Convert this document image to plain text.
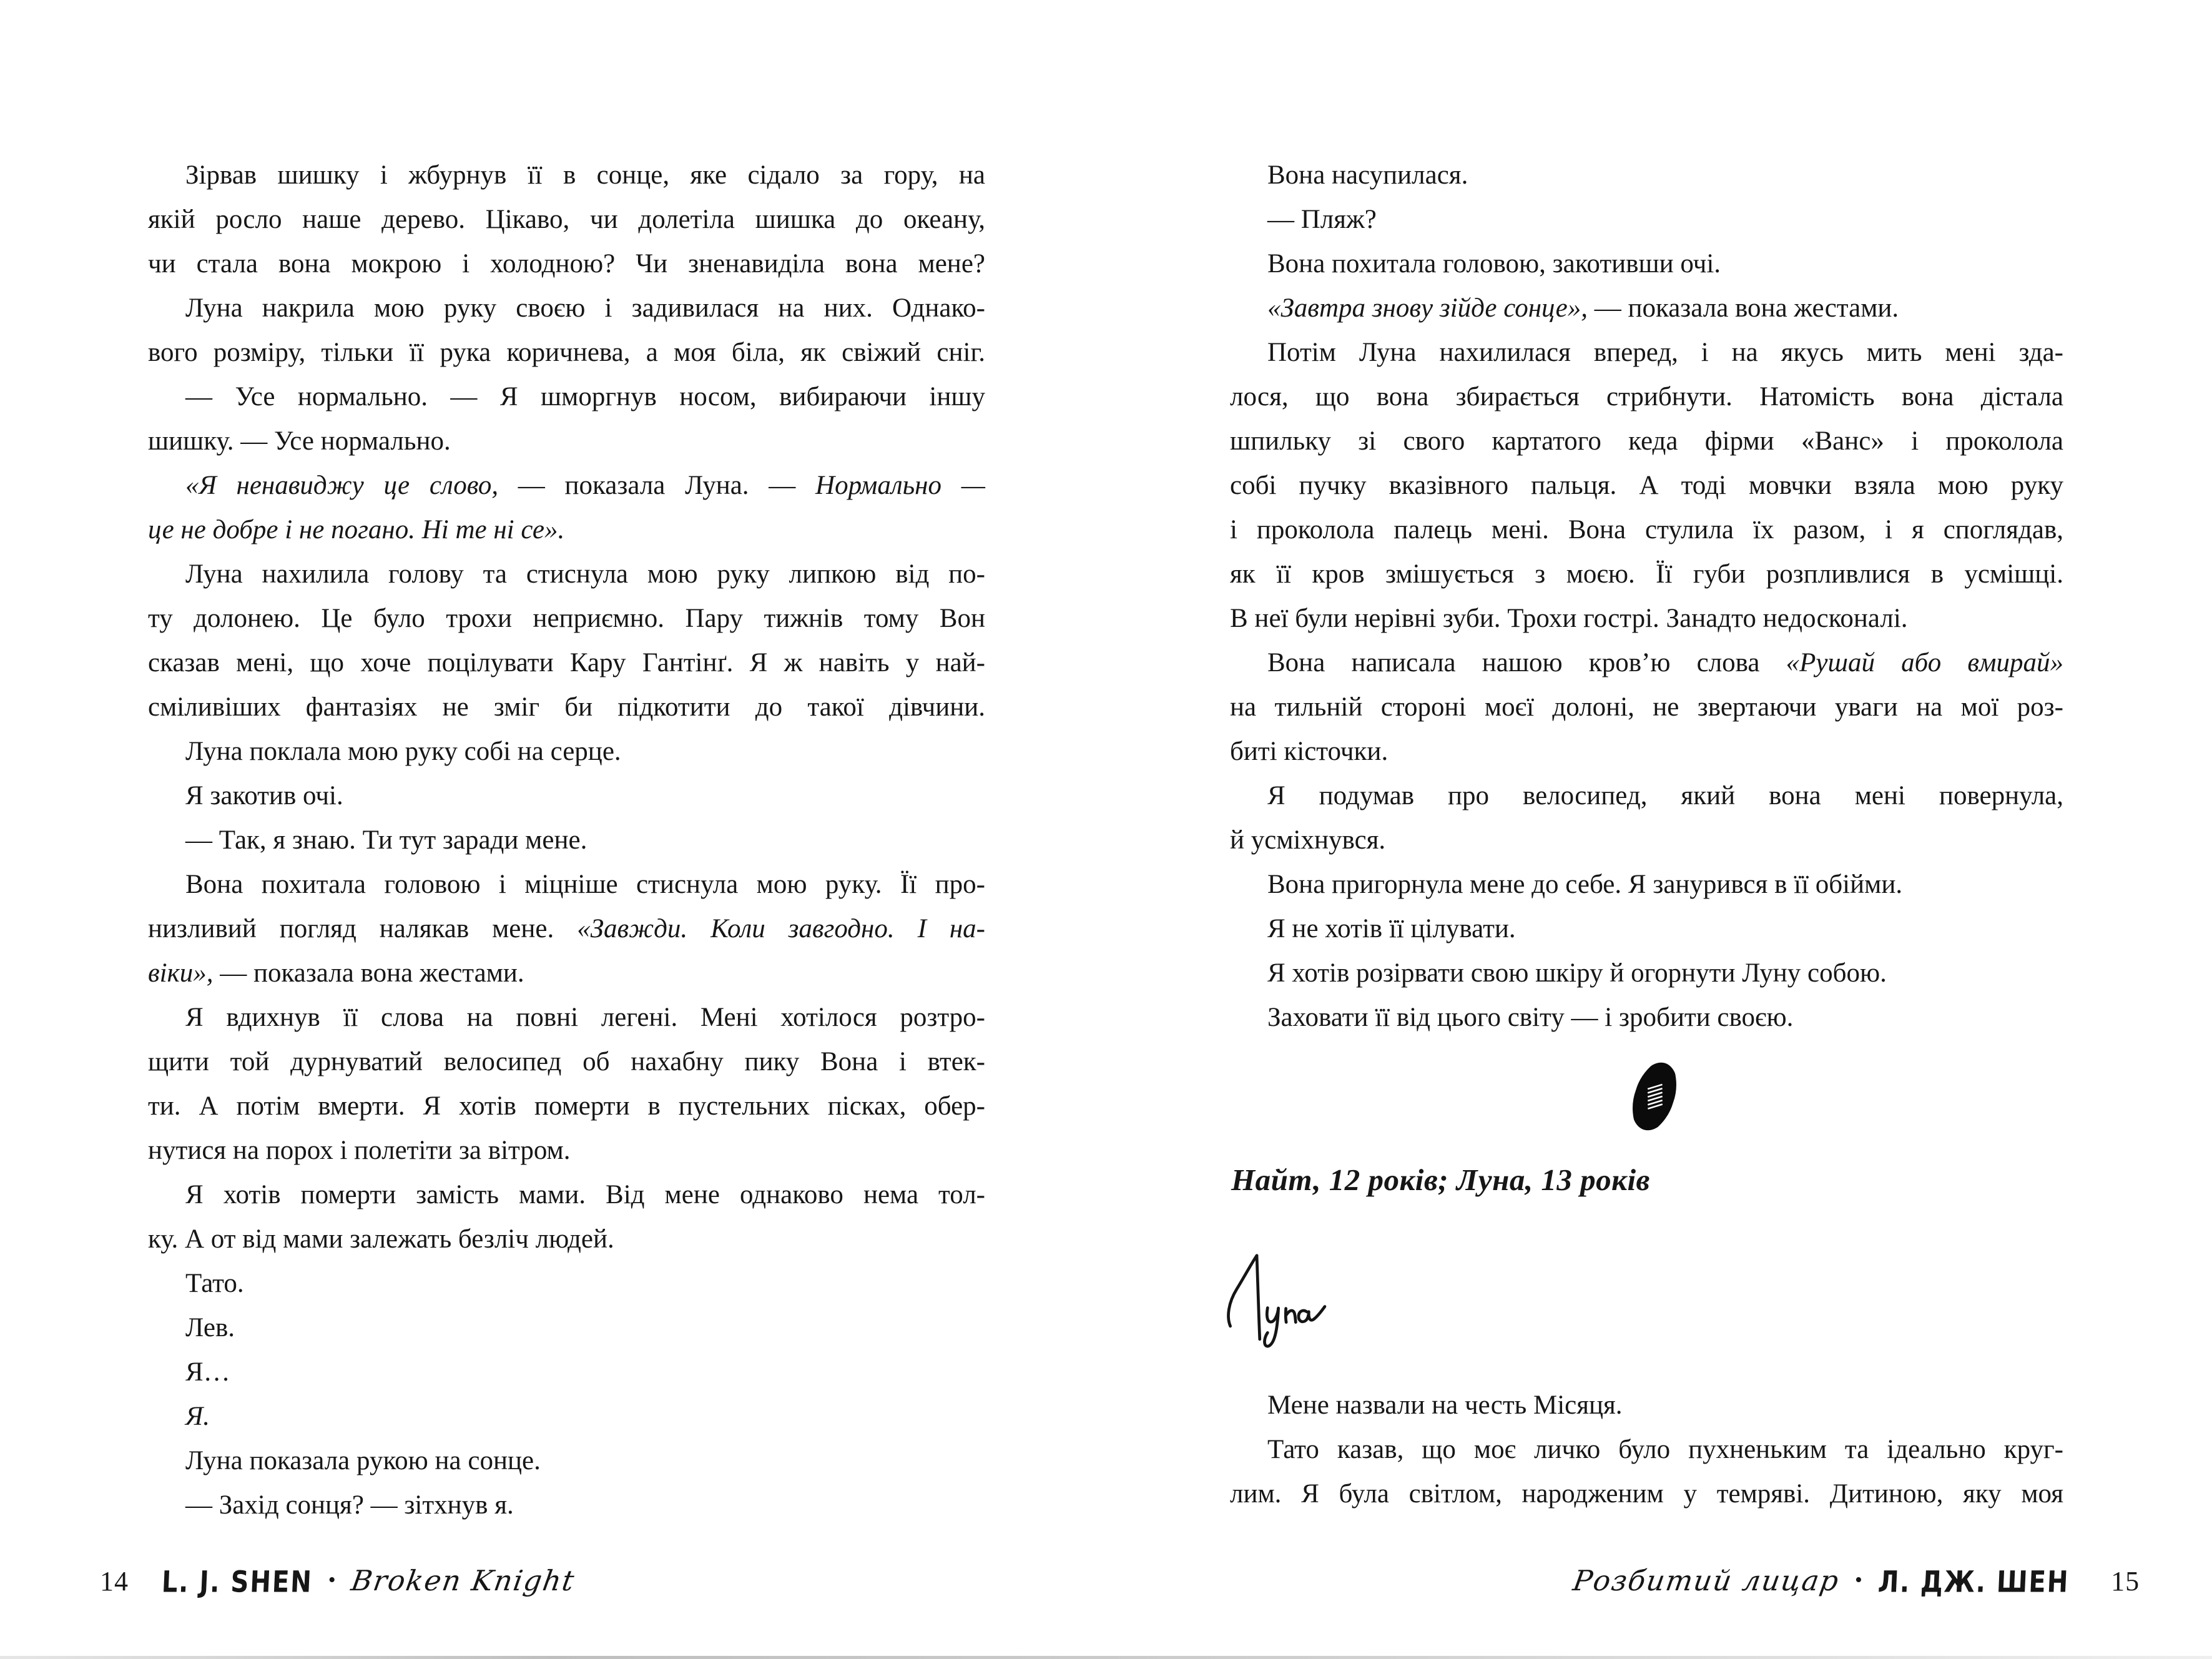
Зірвав шишку і жбурнув її в сонце, яке сідало за гору, на
якій росло наше дерево. Цікаво, чи долетіла шишка до океану,
чи стала вона мокрою і холодною? Чи зненавиділа вона мене?
Луна накрила мою руку своєю і задивилася на них. Однако-
вого розміру, тільки її рука коричнева, а моя біла, як свіжий сніг.
— Усе нормально. — Я шморгнув носом, вибираючи іншу
шишку. — Усе нормально.
«Я ненавиджу це слово, — показала Луна. — Нормально —
це не добре і не погано. Ні те ні се».
Луна нахилила голову та стиснула мою руку липкою від по-
ту долонею. Це було трохи неприємно. Пару тижнів тому Вон
сказав мені, що хоче поцілувати Кару Гантінґ. Я ж навіть у най-
сміливіших фантазіях не зміг би підкотити до такої дівчини.
Луна поклала мою руку собі на серце.
Я закотив очі.
— Так, я знаю. Ти тут заради мене.
Вона похитала головою і міцніше стиснула мою руку. Її про-
низливий погляд налякав мене. «Завжди. Коли завгодно. І на-
віки», — показала вона жестами.
Я вдихнув її слова на повні легені. Мені хотілося розтро-
щити той дурнуватий велосипед об нахабну пику Вона і втек-
ти. А потім вмерти. Я хотів померти в пустельних пісках, обер-
нутися на порох і полетіти за вітром.
Я хотів померти замість мами. Від мене однаково нема тол-
ку. А от від мами залежать безліч людей.
Тато.
Лев.
Я…
Я.
Луна показала рукою на сонце.
— Захід сонця? — зітхнув я.
Вона насупилася.
— Пляж?
Вона похитала головою, закотивши очі.
«Завтра знову зійде сонце», — показала вона жестами.
Потім Луна нахилилася вперед, і на якусь мить мені зда-
лося, що вона збирається стрибнути. Натомість вона дістала
шпильку зі свого картатого кеда фірми «Ванс» і проколола
собі пучку вказівного пальця. А тоді мовчки взяла мою руку
і проколола палець мені. Вона стулила їх разом, і я споглядав,
як її кров змішується з моєю. Її губи розпливлися в усмішці.
В неї були нерівні зуби. Трохи гострі. Занадто недосконалі.
Вона написала нашою кров’ю слова «Рушай або вмирай»
на тильній стороні моєї долоні, не звертаючи уваги на мої роз-
биті кісточки.
Я подумав про велосипед, який вона мені повернула,
й усміхнувся.
Вона пригорнула мене до себе. Я занурився в її обійми.
Я не хотів її цілувати.
Я хотів розірвати свою шкіру й огорнути Луну собою.
Заховати її від цього світу — і зробити своєю.
Найт, 12 років; Луна, 13 років
Мене назвали на честь Місяця.
Тато казав, що моє личко було пухненьким та ідеально круг-
лим. Я була світлом, народженим у темряві. Дитиною, яку моя
14 L. J. SHEN • Broken Knight	Розбитий лицар • Л. ДЖ. ШЕН 15
